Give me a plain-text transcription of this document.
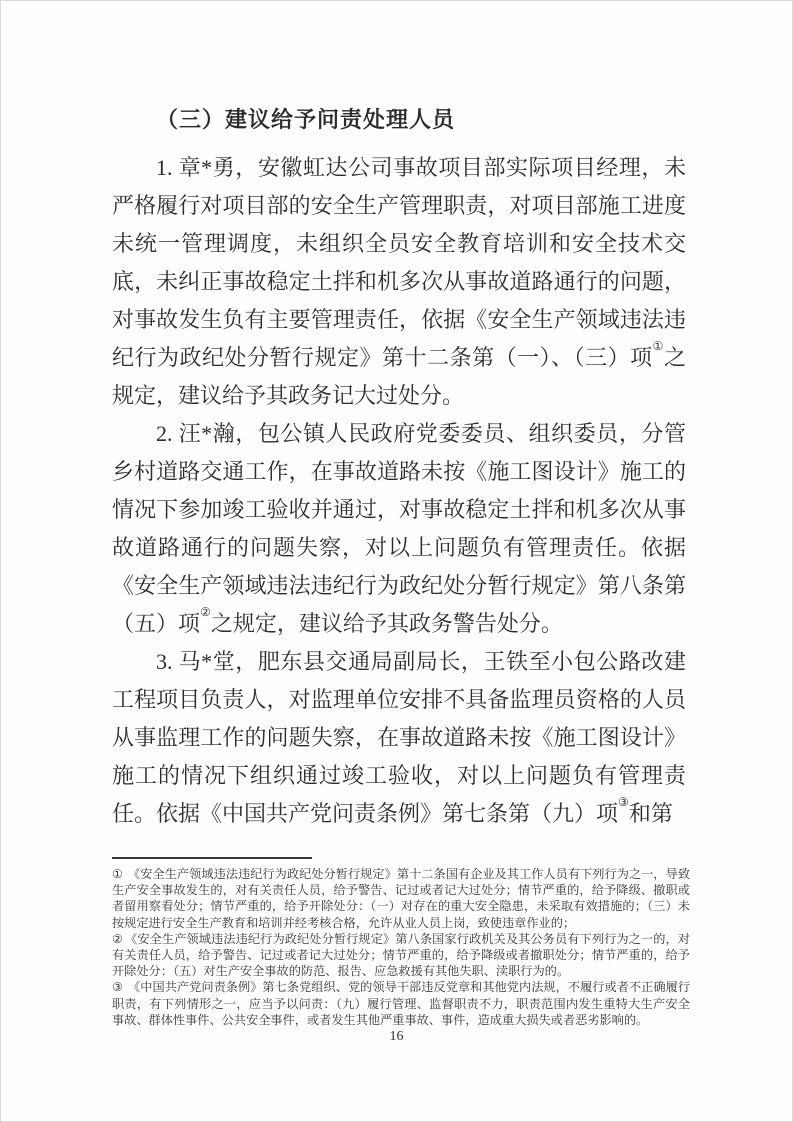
（三）建议给予问责处理人员

1. 章*勇，安徽虹达公司事故项目部实际项目经理，未严格履行对项目部的安全生产管理职责，对项目部施工进度未统一管理调度，未组织全员安全教育培训和安全技术交底，未纠正事故稳定土拌和机多次从事故道路通行的问题，对事故发生负有主要管理责任，依据《安全生产领域违法违纪行为政纪处分暂行规定》第十二条第（一）、（三）项①之规定，建议给予其政务记大过处分。

2. 汪*瀚，包公镇人民政府党委委员、组织委员，分管乡村道路交通工作，在事故道路未按《施工图设计》施工的情况下参加竣工验收并通过，对事故稳定土拌和机多次从事故道路通行的问题失察，对以上问题负有管理责任。依据《安全生产领域违法违纪行为政纪处分暂行规定》第八条第（五）项②之规定，建议给予其政务警告处分。

3. 马*堂，肥东县交通局副局长，王铁至小包公路改建工程项目负责人，对监理单位安排不具备监理员资格的人员从事监理工作的问题失察，在事故道路未按《施工图设计》施工的情况下组织通过竣工验收，对以上问题负有管理责任。依据《中国共产党问责条例》第七条第（九）项③和第

① 《安全生产领域违法违纪行为政纪处分暂行规定》第十二条国有企业及其工作人员有下列行为之一，导致生产安全事故发生的，对有关责任人员，给予警告、记过或者记大过处分；情节严重的，给予降级、撤职或者留用察看处分；情节严重的，给予开除处分：（一）对存在的重大安全隐患，未采取有效措施的；（三）未按规定进行安全生产教育和培训并经考核合格，允许从业人员上岗，致使违章作业的；

② 《安全生产领域违法违纪行为政纪处分暂行规定》第八条国家行政机关及其公务员有下列行为之一的，对有关责任人员，给予警告、记过或者记大过处分；情节严重的，给予降级或者撤职处分；情节严重的，给予开除处分：（五）对生产安全事故的防范、报告、应急救援有其他失职、渎职行为的。

③ 《中国共产党问责条例》第七条党组织、党的领导干部违反党章和其他党内法规，不履行或者不正确履行职责，有下列情形之一，应当予以问责：（九）履行管理、监督职责不力，职责范围内发生重特大生产安全事故、群体性事件、公共安全事件，或者发生其他严重事故、事件，造成重大损失或者恶劣影响的。

16
